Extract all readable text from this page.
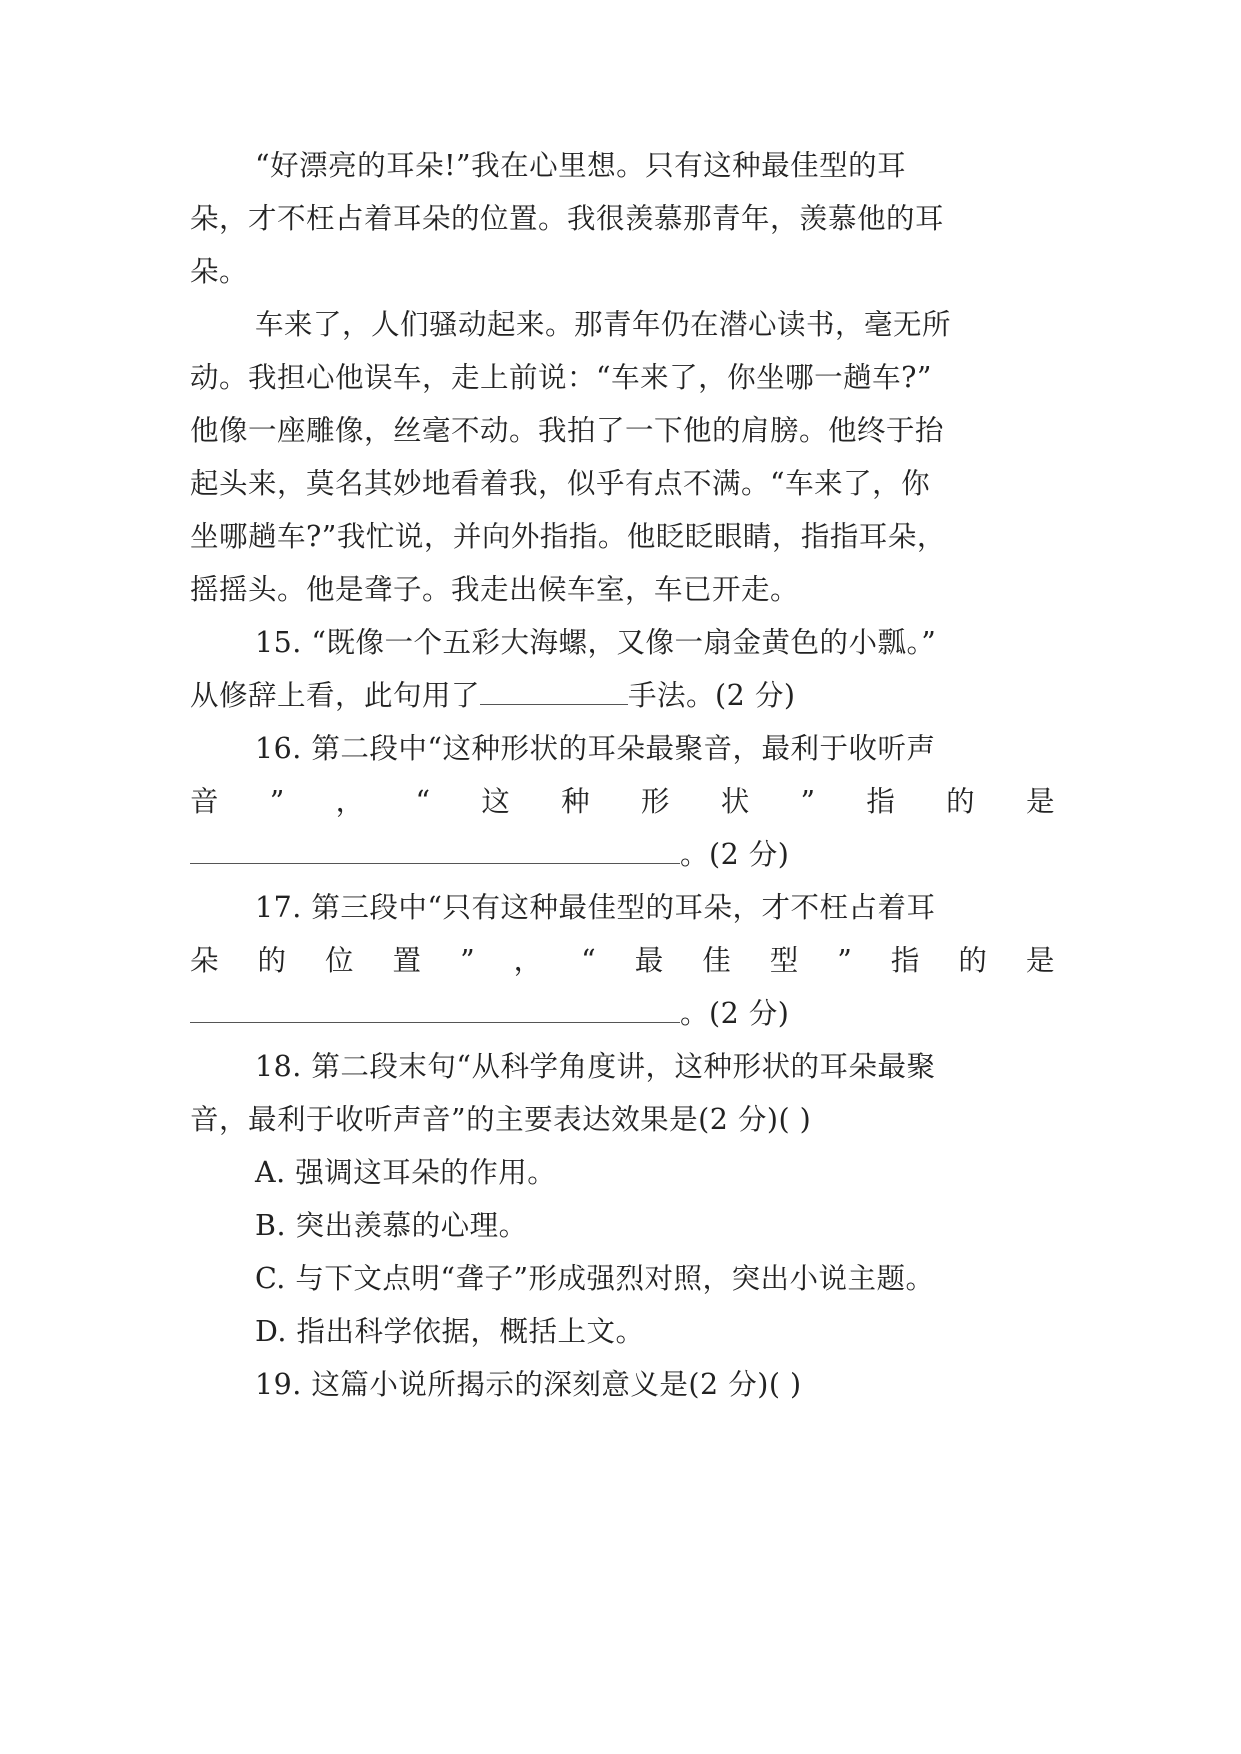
“好漂亮的耳朵!”我在心里想。只有这种最佳型的耳
朵，才不枉占着耳朵的位置。我很羡慕那青年，羡慕他的耳
朵。
车来了，人们骚动起来。那青年仍在潜心读书，毫无所
动。我担心他误车，走上前说：“车来了，你坐哪一趟车?”
他像一座雕像，丝毫不动。我拍了一下他的肩膀。他终于抬
起头来，莫名其妙地看着我，似乎有点不满。“车来了，你
坐哪趟车?”我忙说，并向外指指。他眨眨眼睛，指指耳朵，
摇摇头。他是聋子。我走出候车室，车已开走。
15. “既像一个五彩大海螺，又像一扇金黄色的小瓢。”
从修辞上看，此句用了	手法。(2 分)
16. 第二段中“这种形状的耳朵最聚音，最利于收听声
音 ” ， “ 这 种 形 状 ” 指 的 是
。(2 分)
17. 第三段中“只有这种最佳型的耳朵，才不枉占着耳
朵 的 位 置 ” ， “ 最 佳 型 ” 指 的 是
。(2 分)
18. 第二段末句“从科学角度讲，这种形状的耳朵最聚
音，最利于收听声音”的主要表达效果是(2 分)( )
A. 强调这耳朵的作用。
B. 突出羡慕的心理。
C. 与下文点明“聋子”形成强烈对照，突出小说主题。
D. 指出科学依据，概括上文。
19. 这篇小说所揭示的深刻意义是(2 分)( )
